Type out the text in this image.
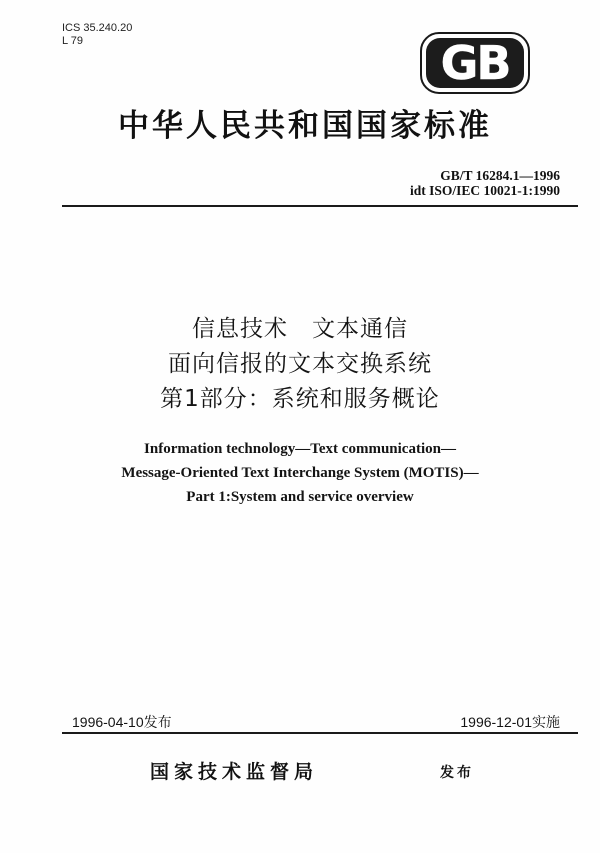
ICS 35.240.20
L 79	GB
中华人民共和国国家标准
GB/T 16284.1—1996
idt ISO/IEC 10021-1:1990
信息技术　文本通信
面向信报的文本交换系统
第1部分：系统和服务概论
Information technology—Text communication—
Message-Oriented Text Interchange System (MOTIS)—
Part 1:System and service overview
1996-04-10发布	1996-12-01实施
国家技术监督局	发布
